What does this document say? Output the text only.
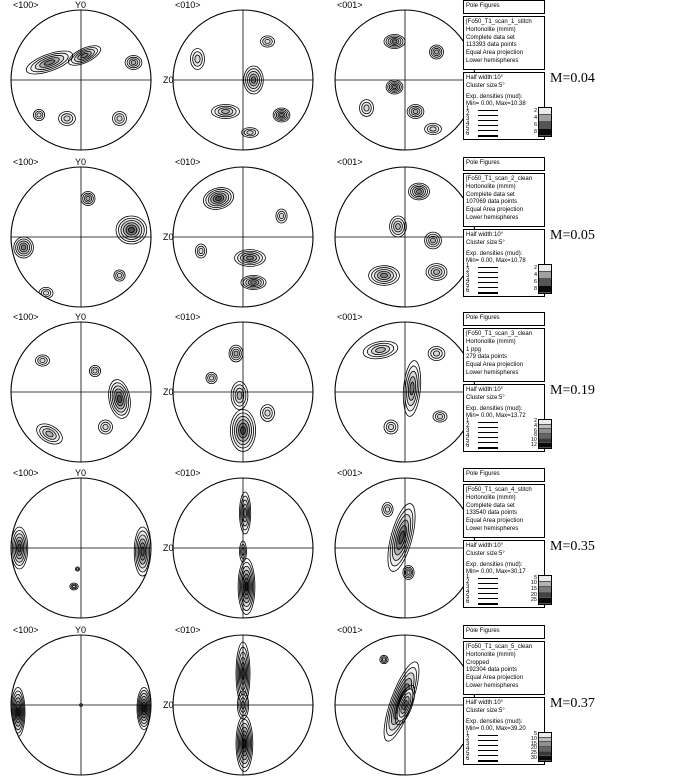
<100>	Y0	<010>
Z0
<001>
<100>	Y0	<010>
Z0
<001>
<100>	Y0	<010>
Z0
<001>
<100>	Y0	<010>
Z0
<001>
<100>	Y0	<010>
Z0
<001>
Pole Figures
[Fo50_T1_scan_1_stitch
Hortonolite (mmm)
Complete data set
113393 data points
Equal Area projection
Lower hemispheres
Half width:10°
Cluster size:5°
Exp. densities (mud):
Min= 0.00, Max=10.38
1
2
3
4
5
6
2
4
6
8
M=0.04
Pole Figures
[Fo50_T1_scan_2_clean
Hortonolite (mmm)
Complete data set
107069 data points
Equal Area projection
Lower hemispheres
Half width:10°
Cluster size:5°
Exp. densities (mud):
Min= 0.00, Max=10.78
1
2
3
4
5
6
2
4
6
8
M=0.05
Pole Figures
[Fo50_T1_scan_3_clean
Hortonolite (mmm)
1 ppg
279 data points
Equal Area projection
Lower hemispheres
Half width:10°
Cluster size:5°
Exp. densities (mud):
Min= 0.00, Max=13.72
1
2
3
4
5
6
2
4
6
8
10
12
M=0.19
Pole Figures
[Fo50_T1_scan_4_stitch
Hortonolite (mmm)
Complete data set
133540 data points
Equal Area projection
Lower hemispheres
Half width:10°
Cluster size:5°
Exp. densities (mud):
Min= 0.00, Max=30.17
1
2
3
4
5
6
5
10
15
20
25
M=0.35
Pole Figures
[Fo50_T1_scan_5_clean
Hortonolite (mmm)
Cropped
192304 data points
Equal Area projection
Lower hemispheres
Half width:10°
Cluster size:5°
Exp. densities (mud):
Min= 0.00, Max=39.20
1
2
3
4
5
6
5
10
15
20
25
30
M=0.37
